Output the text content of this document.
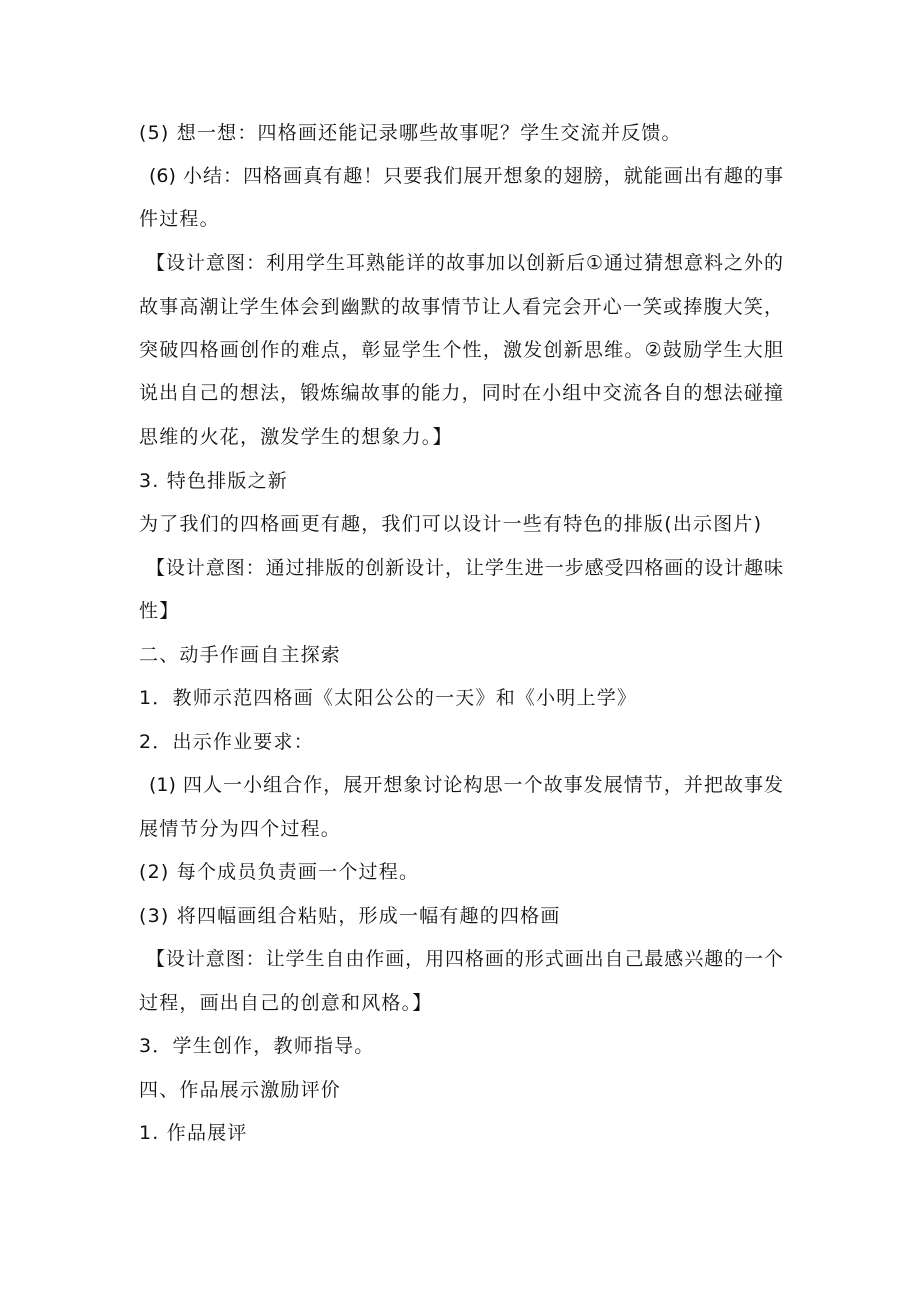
(5) 想一想：四格画还能记录哪些故事呢？学生交流并反馈。
(6) 小结：四格画真有趣！只要我们展开想象的翅膀，就能画出有趣的事
件过程。
【设计意图：利用学生耳熟能详的故事加以创新后①通过猜想意料之外的
故事高潮让学生体会到幽默的故事情节让人看完会开心一笑或捧腹大笑，
突破四格画创作的难点，彰显学生个性，激发创新思维。②鼓励学生大胆
说出自己的想法，锻炼编故事的能力，同时在小组中交流各自的想法碰撞
思维的火花，激发学生的想象力。】
3. 特色排版之新
为了我们的四格画更有趣，我们可以设计一些有特色的排版(出示图片)
【设计意图：通过排版的创新设计，让学生进一步感受四格画的设计趣味
性】
二、动手作画自主探索
1．教师示范四格画《太阳公公的一天》和《小明上学》
2．出示作业要求：
(1) 四人一小组合作，展开想象讨论构思一个故事发展情节，并把故事发
展情节分为四个过程。
(2) 每个成员负责画一个过程。
(3) 将四幅画组合粘贴，形成一幅有趣的四格画
【设计意图：让学生自由作画，用四格画的形式画出自己最感兴趣的一个
过程，画出自己的创意和风格。】
3．学生创作，教师指导。
四、作品展示激励评价
1. 作品展评
